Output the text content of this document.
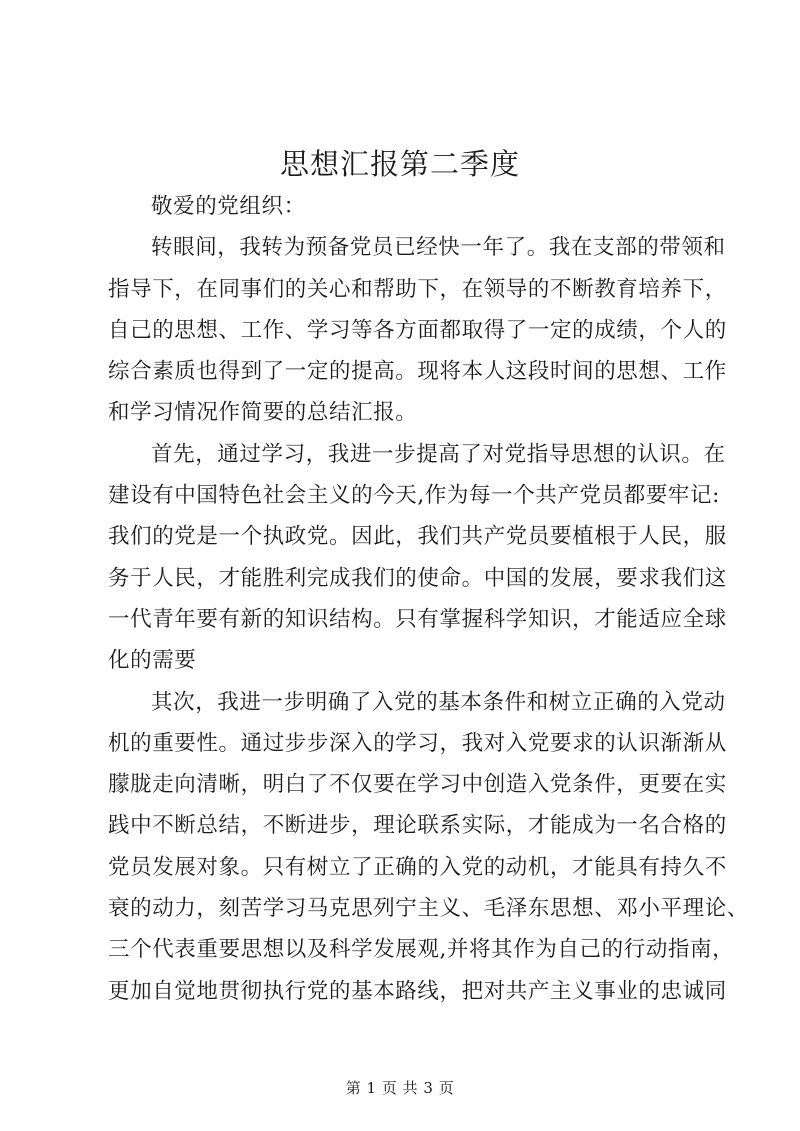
思想汇报第二季度
敬爱的党组织：
转眼间，我转为预备党员已经快一年了。我在支部的带领和
指导下，在同事们的关心和帮助下，在领导的不断教育培养下，
自己的思想、工作、学习等各方面都取得了一定的成绩，个人的
综合素质也得到了一定的提高。现将本人这段时间的思想、工作
和学习情况作简要的总结汇报。
首先，通过学习，我进一步提高了对党指导思想的认识。在
建设有中国特色社会主义的今天,作为每一个共产党员都要牢记:
我们的党是一个执政党。因此，我们共产党员要植根于人民，服
务于人民，才能胜利完成我们的使命。中国的发展，要求我们这
一代青年要有新的知识结构。只有掌握科学知识，才能适应全球
化的需要
其次，我进一步明确了入党的基本条件和树立正确的入党动
机的重要性。通过步步深入的学习，我对入党要求的认识渐渐从
朦胧走向清晰，明白了不仅要在学习中创造入党条件，更要在实
践中不断总结，不断进步，理论联系实际，才能成为一名合格的
党员发展对象。只有树立了正确的入党的动机，才能具有持久不
衰的动力，刻苦学习马克思列宁主义、毛泽东思想、邓小平理论、
三个代表重要思想以及科学发展观,并将其作为自己的行动指南，
更加自觉地贯彻执行党的基本路线，把对共产主义事业的忠诚同
第 1 页 共 3 页
